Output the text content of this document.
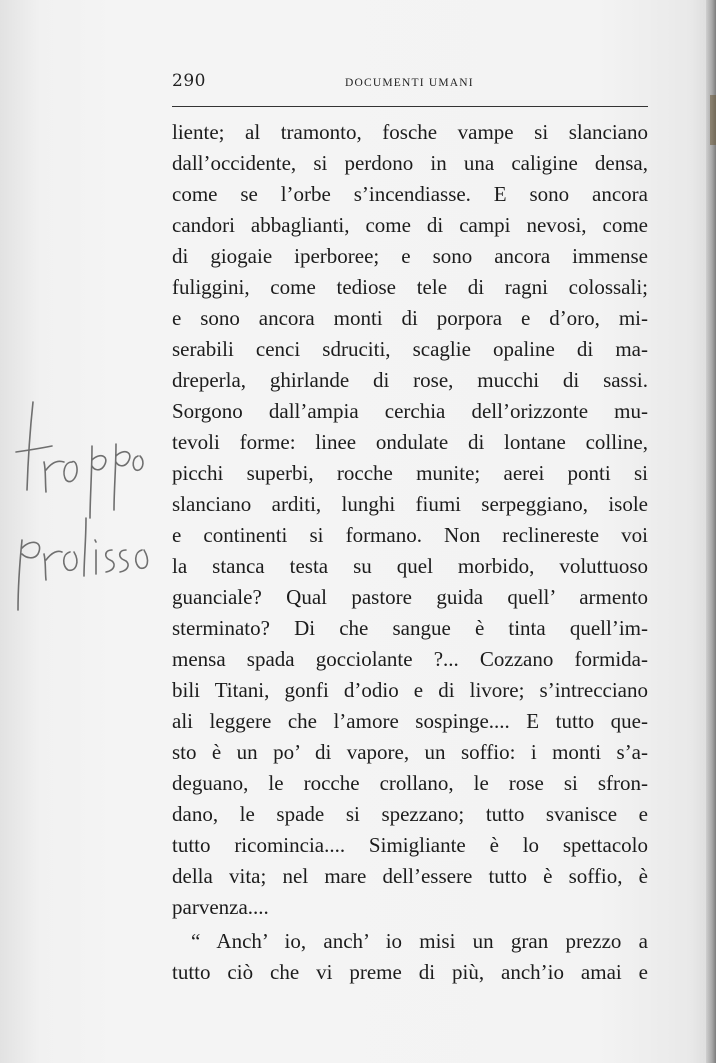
290	DOCUMENTI UMANI
liente; al tramonto, fosche vampe si slanciano
dall’occidente, si perdono in una caligine densa,
come se l’orbe s’incendiasse. E sono ancora
candori abbaglianti, come di campi nevosi, come
di giogaie iperboree; e sono ancora immense
fuliggini, come tediose tele di ragni colossali;
e sono ancora monti di porpora e d’oro, mi-
serabili cenci sdruciti, scaglie opaline di ma-
dreperla, ghirlande di rose, mucchi di sassi.
Sorgono dall’ampia cerchia dell’orizzonte mu-
tevoli forme: linee ondulate di lontane colline,
picchi superbi, rocche munite; aerei ponti si
slanciano arditi, lunghi fiumi serpeggiano, isole
e continenti si formano. Non reclinereste voi
la stanca testa su quel morbido, voluttuoso
guanciale? Qual pastore guida quell’ armento
sterminato? Di che sangue è tinta quell’im-
mensa spada gocciolante ?... Cozzano formida-
bili Titani, gonfi d’odio e di livore; s’intrecciano
ali leggere che l’amore sospinge.... E tutto que-
sto è un po’ di vapore, un soffio: i monti s’a-
deguano, le rocche crollano, le rose si sfron-
dano, le spade si spezzano; tutto svanisce e
tutto ricomincia.... Simigliante è lo spettacolo
della vita; nel mare dell’essere tutto è soffio, è
parvenza....
“ Anch’ io, anch’ io misi un gran prezzo a
tutto ciò che vi preme di più, anch’io amai e
